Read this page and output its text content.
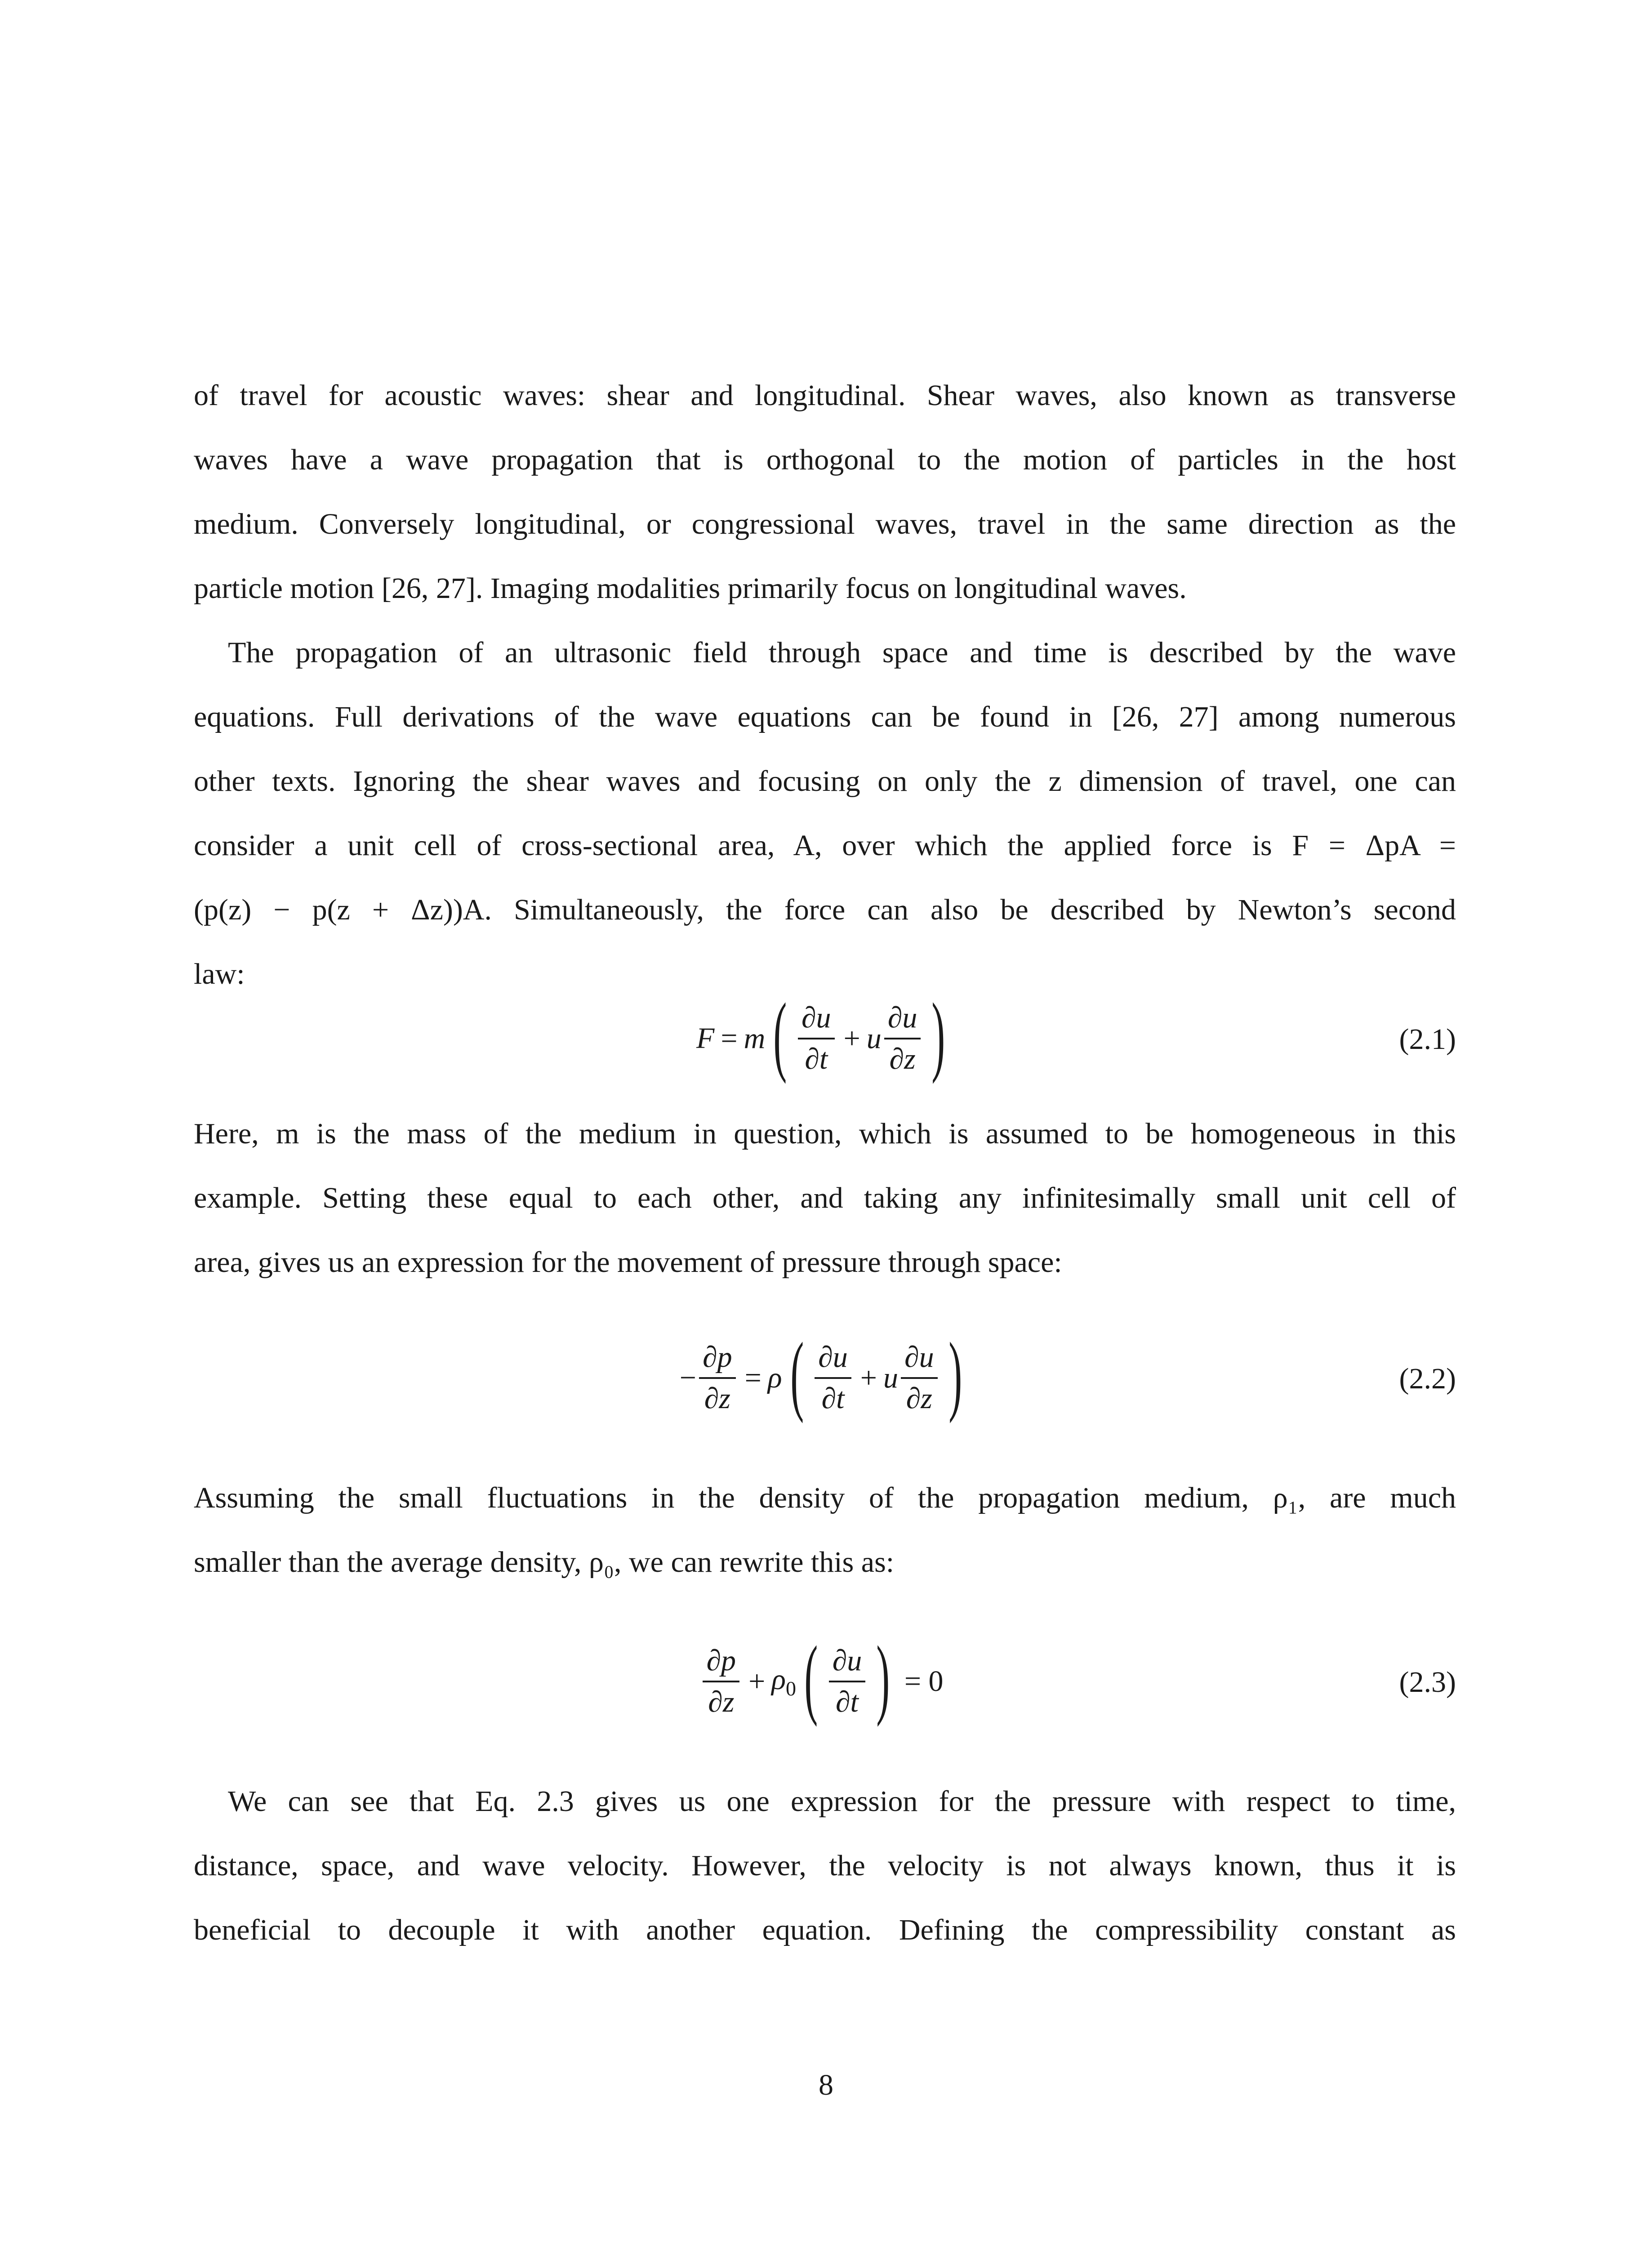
of travel for acoustic waves: shear and longitudinal. Shear waves, also known as transverse
waves have a wave propagation that is orthogonal to the motion of particles in the host
medium. Conversely longitudinal, or congressional waves, travel in the same direction as the
particle motion [26, 27]. Imaging modalities primarily focus on longitudinal waves.
The propagation of an ultrasonic field through space and time is described by the wave
equations. Full derivations of the wave equations can be found in [26, 27] among numerous
other texts. Ignoring the shear waves and focusing on only the z dimension of travel, one can
consider a unit cell of cross-sectional area, A, over which the applied force is F = ΔpA =
(p(z) − p(z + Δz))A. Simultaneously, the force can also be described by Newton’s second
law:
F = m ( $\frac{\partial u}{\partial t} + u \frac{\partial u}{\partial z}$ )	(2.1)
Here, m is the mass of the medium in question, which is assumed to be homogeneous in this
example. Setting these equal to each other, and taking any infinitesimally small unit cell of
area, gives us an expression for the movement of pressure through space:
− $\frac{\partial p}{\partial z} = \rho$ ( $\frac{\partial u}{\partial t} + u \frac{\partial u}{\partial z}$ )	(2.2)
Assuming the small fluctuations in the density of the propagation medium, ρ₁, are much
smaller than the average density, ρ₀, we can rewrite this as:
$\frac{\partial p}{\partial z} + \rho_0$ ( $\frac{\partial u}{\partial t}$ ) = 0	(2.3)
We can see that Eq. 2.3 gives us one expression for the pressure with respect to time,
distance, space, and wave velocity. However, the velocity is not always known, thus it is
beneficial to decouple it with another equation. Defining the compressibility constant as
8
